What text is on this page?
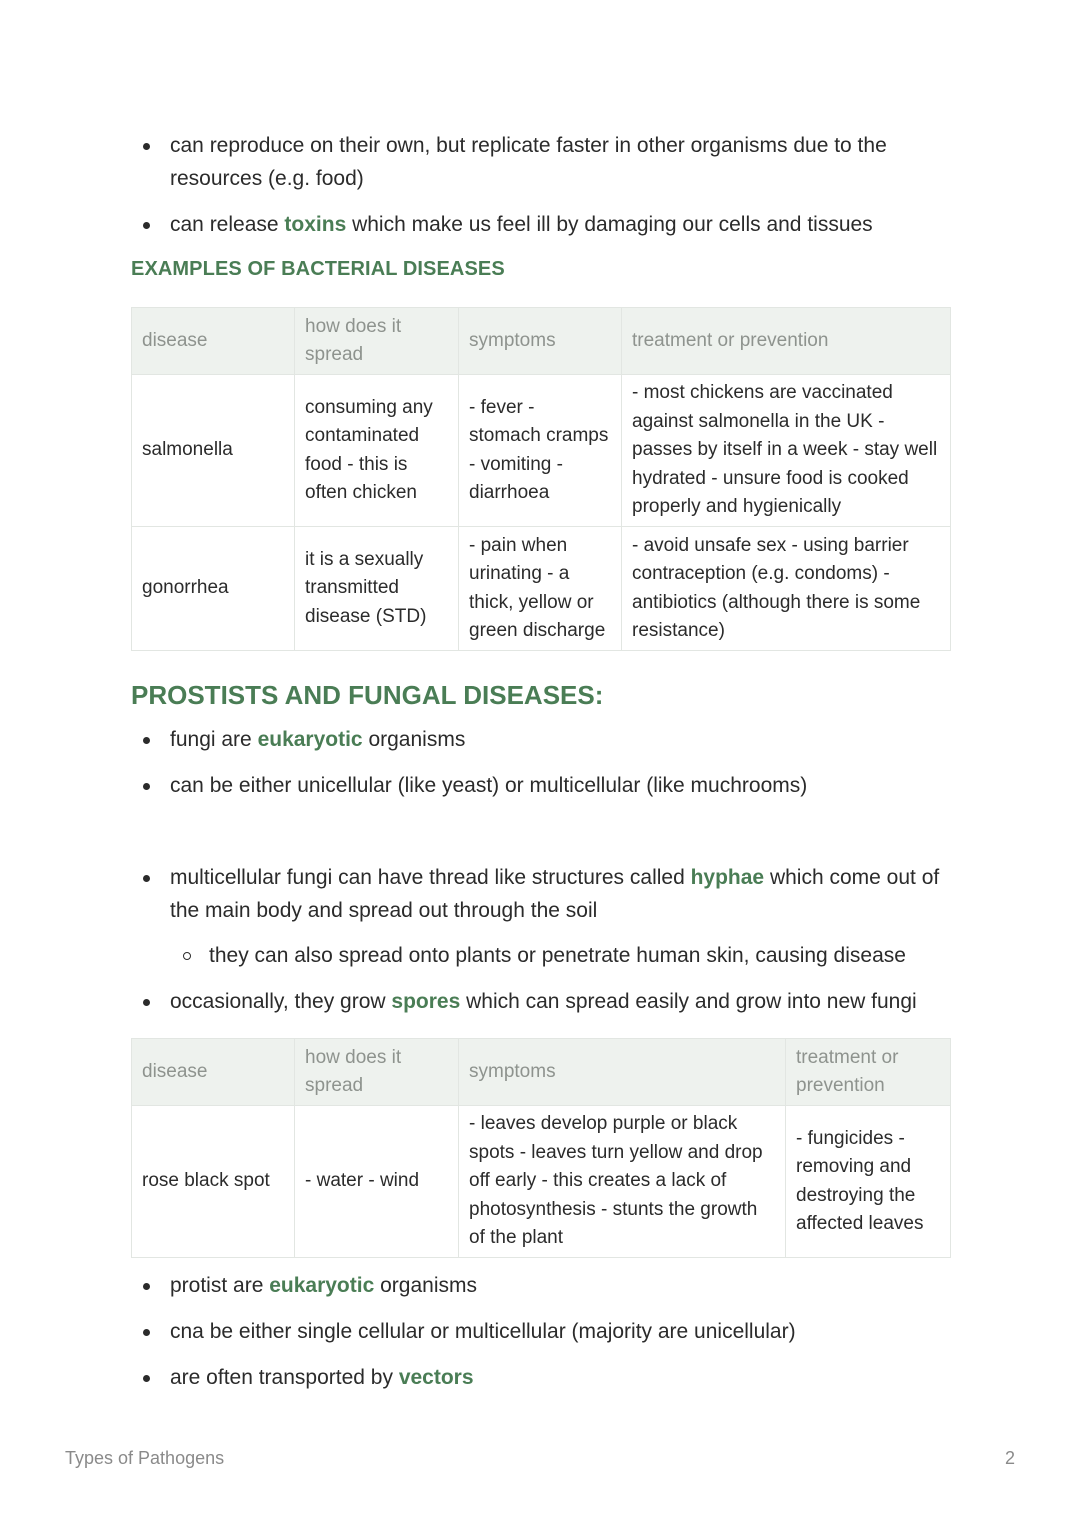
can reproduce on their own, but replicate faster in other organisms due to the resources (e.g. food)
can release toxins which make us feel ill by damaging our cells and tissues
EXAMPLES OF BACTERIAL DISEASES
disease	how does it spread	symptoms	treatment or prevention
salmonella	consuming any contaminated food - this is often chicken	- fever - stomach cramps - vomiting - diarrhoea	- most chickens are vaccinated against salmonella in the UK - passes by itself in a week - stay well hydrated - unsure food is cooked properly and hygienically
gonorrhea	it is a sexually transmitted disease (STD)	- pain when urinating - a thick, yellow or green discharge	- avoid unsafe sex - using barrier contraception (e.g. condoms) - antibiotics (although there is some resistance)
PROSTISTS AND FUNGAL DISEASES:
fungi are eukaryotic organisms
can be either unicellular (like yeast) or multicellular (like muchrooms)
multicellular fungi can have thread like structures called hyphae which come out of the main body and spread out through the soil
they can also spread onto plants or penetrate human skin, causing disease
occasionally, they grow spores which can spread easily and grow into new fungi
disease	how does it spread	symptoms	treatment or prevention
rose black spot	- water - wind	- leaves develop purple or black spots - leaves turn yellow and drop off early - this creates a lack of photosynthesis - stunts the growth of the plant	- fungicides - removing and destroying the affected leaves
protist are eukaryotic organisms
cna be either single cellular or multicellular (majority are unicellular)
are often transported by vectors
Types of Pathogens	2
